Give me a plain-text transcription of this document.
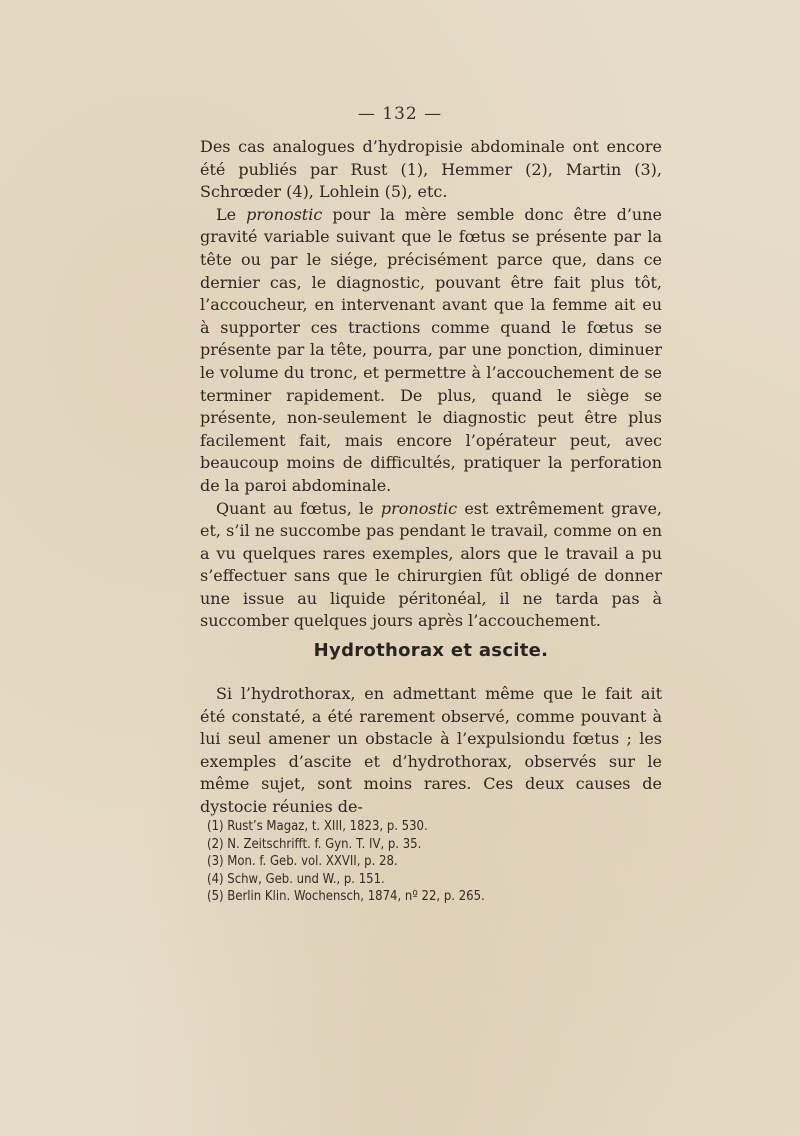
— 132 —

Des cas analogues d’hydropisie abdominale ont encore été publiés par Rust (1), Hemmer (2), Martin (3), Schrœder (4), Lohlein (5), etc.

Le pronostic pour la mère semble donc être d’une gravité variable suivant que le fœtus se présente par la tête ou par le siége, précisément parce que, dans ce dernier cas, le diagnostic, pouvant être fait plus tôt, l’accoucheur, en intervenant avant que la femme ait eu à supporter ces tractions comme quand le fœtus se présente par la tête, pourra, par une ponction, diminuer le volume du tronc, et permettre à l’accouchement de se terminer rapidement. De plus, quand le siège se présente, non-seulement le diagnostic peut être plus facilement fait, mais encore l’opérateur peut, avec beaucoup moins de difficultés, pratiquer la perforation de la paroi abdominale.

Quant au fœtus, le pronostic est extrêmement grave, et, s’il ne succombe pas pendant le travail, comme on en a vu quelques rares exemples, alors que le travail a pu s’effectuer sans que le chirurgien fût obligé de donner une issue au liquide péritonéal, il ne tarda pas à succomber quelques jours après l’accouchement.

Hydrothorax et ascite.

Si l’hydrothorax, en admettant même que le fait ait été constaté, a été rarement observé, comme pouvant à lui seul amener un obstacle à l’expulsiondu fœtus ; les exemples d’ascite et d’hydrothorax, observés sur le même sujet, sont moins rares. Ces deux causes de dystocie réunies de-

(1) Rust’s Magaz, t. XIII, 1823, p. 530.
(2) N. Zeitschrifft. f. Gyn. T. IV, p. 35.
(3) Mon. f. Geb. vol. XXVII, p. 28.
(4) Schw, Geb. und W., p. 151.
(5) Berlin Klin. Wochensch, 1874, nº 22, p. 265.
